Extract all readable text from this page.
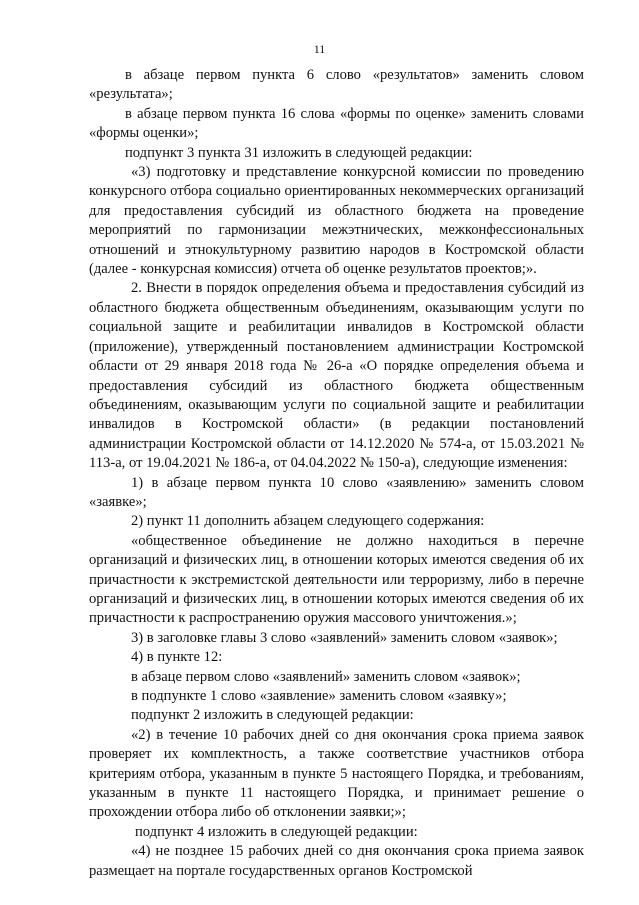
11

в абзаце первом пункта 6 слово «результатов» заменить словом «результата»;

в абзаце первом пункта 16 слова «формы по оценке» заменить словами «формы оценки»;

подпункт 3 пункта 31 изложить в следующей редакции:

«3) подготовку и представление конкурсной комиссии по проведению конкурсного отбора социально ориентированных некоммерческих организаций для предоставления субсидий из областного бюджета на проведение мероприятий по гармонизации межэтнических, межконфессиональных отношений и этнокультурному развитию народов в Костромской области (далее - конкурсная комиссия) отчета об оценке результатов проектов;».

2. Внести в порядок определения объема и предоставления субсидий из областного бюджета общественным объединениям, оказывающим услуги по социальной защите и реабилитации инвалидов в Костромской области (приложение), утвержденный постановлением администрации Костромской области от 29 января 2018 года № 26-а «О порядке определения объема и предоставления субсидий из областного бюджета общественным объединениям, оказывающим услуги по социальной защите и реабилитации инвалидов в Костромской области» (в редакции постановлений администрации Костромской области от 14.12.2020 № 574-а, от 15.03.2021 № 113-а, от 19.04.2021 № 186-а, от 04.04.2022 № 150-а), следующие изменения:

1) в абзаце первом пункта 10 слово «заявлению» заменить словом «заявке»;

2) пункт 11 дополнить абзацем следующего содержания:

«общественное объединение не должно находиться в перечне организаций и физических лиц, в отношении которых имеются сведения об их причастности к экстремистской деятельности или терроризму, либо в перечне организаций и физических лиц, в отношении которых имеются сведения об их причастности к распространению оружия массового уничтожения.»;

3) в заголовке главы 3 слово «заявлений» заменить словом «заявок»;

4) в пункте 12:

в абзаце первом слово «заявлений» заменить словом «заявок»;

в подпункте 1 слово «заявление» заменить словом «заявку»;

подпункт 2 изложить в следующей редакции:

«2) в течение 10 рабочих дней со дня окончания срока приема заявок проверяет их комплектность, а также соответствие участников отбора критериям отбора, указанным в пункте 5 настоящего Порядка, и требованиям, указанным в пункте 11 настоящего Порядка, и принимает решение о прохождении отбора либо об отклонении заявки;»;

подпункт 4 изложить в следующей редакции:

«4) не позднее 15 рабочих дней со дня окончания срока приема заявок размещает на портале государственных органов Костромской
